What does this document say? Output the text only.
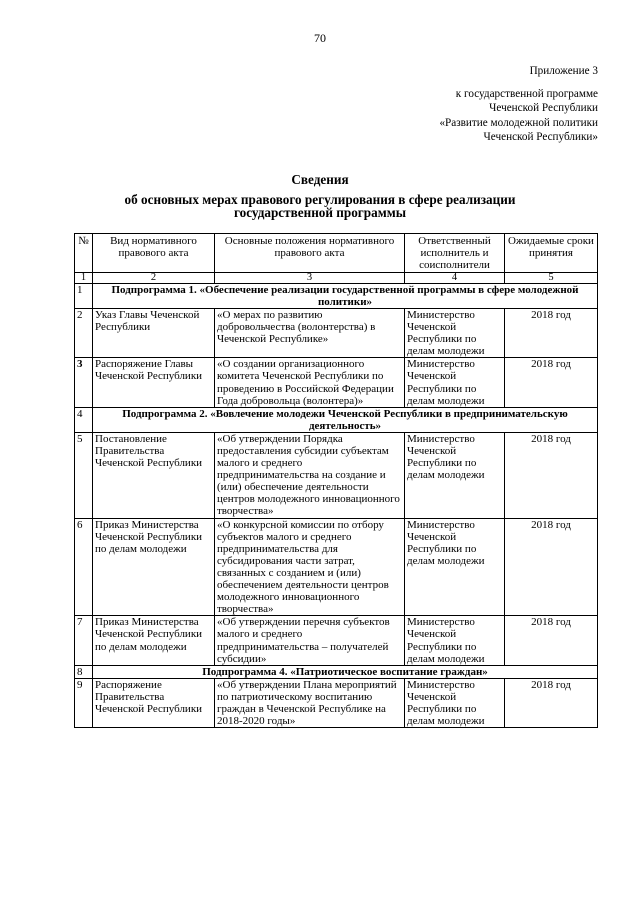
70
Приложение 3
к государственной программе
Чеченской Республики
«Развитие молодежной политики
Чеченской Республики»
Сведения
об основных мерах правового регулирования в сфере реализации
государственной программы
№	Вид нормативного правового акта	Основные положения нормативного правового акта	Ответственный исполнитель и соисполнители	Ожидаемые сроки принятия
1	2	3	4	5
1	Подпрограмма 1. «Обеспечение реализации государственной программы в сфере молодежной политики»			
2	Указ Главы Чеченской Республики	«О мерах по развитию добровольчества (волонтерства) в Чеченской Республике»	Министерство Чеченской Республики по делам молодежи	2018 год
3	Распоряжение Главы Чеченской Республики	«О создании организационного комитета Чеченской Республики по проведению в Российской Федерации Года добровольца (волонтера)»	Министерство Чеченской Республики по делам молодежи	2018 год
4	Подпрограмма 2. «Вовлечение молодежи Чеченской Республики в предпринимательскую деятельность»			
5	Постановление Правительства Чеченской Республики	«Об утверждении Порядка предоставления субсидии субъектам малого и среднего предпринимательства на создание и (или) обеспечение деятельности центров молодежного инновационного творчества»	Министерство Чеченской Республики по делам молодежи	2018 год
6	Приказ Министерства Чеченской Республики по делам молодежи	«О конкурсной комиссии по отбору субъектов малого и среднего предпринимательства для субсидирования части затрат, связанных с созданием и (или) обеспечением деятельности центров молодежного инновационного творчества»	Министерство Чеченской Республики по делам молодежи	2018 год
7	Приказ Министерства Чеченской Республики по делам молодежи	«Об утверждении перечня субъектов малого и среднего предпринимательства – получателей субсидии»	Министерство Чеченской Республики по делам молодежи	2018 год
8	Подпрограмма 4. «Патриотическое воспитание граждан»			
9	Распоряжение Правительства Чеченской Республики	«Об утверждении Плана мероприятий по патриотическому воспитанию граждан в Чеченской Республике на 2018-2020 годы»	Министерство Чеченской Республики по делам молодежи	2018 год
